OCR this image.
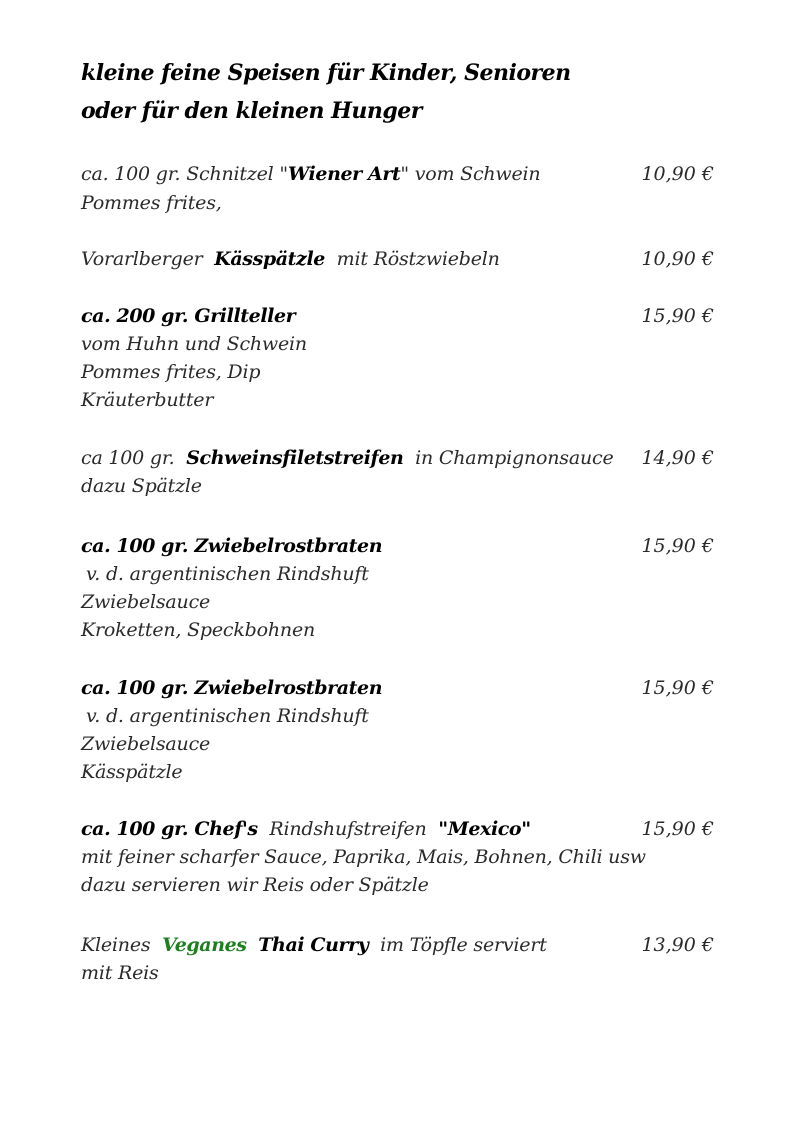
kleine feine Speisen für Kinder, Senioren
oder für den kleinen Hunger
ca. 100 gr. Schnitzel "Wiener Art" vom Schwein	10,90 €
Pommes frites,
Vorarlberger Kässpätzle mit Röstzwiebeln	10,90 €
ca. 200 gr. Grillteller	15,90 €
vom Huhn und Schwein
Pommes frites, Dip
Kräuterbutter
ca 100 gr. Schweinsfiletstreifen in Champignonsauce 14,90 €
dazu Spätzle
ca. 100 gr. Zwiebelrostbraten	15,90 €
v. d. argentinischen Rindshuft
Zwiebelsauce
Kroketten, Speckbohnen
ca. 100 gr. Zwiebelrostbraten	15,90 €
v. d. argentinischen Rindshuft
Zwiebelsauce
Kässpätzle
ca. 100 gr. Chef's Rindshufstreifen "Mexico"	15,90 €
mit feiner scharfer Sauce, Paprika, Mais, Bohnen, Chili usw
dazu servieren wir Reis oder Spätzle
Kleines Veganes Thai Curry im Töpfle serviert	13,90 €
mit Reis
